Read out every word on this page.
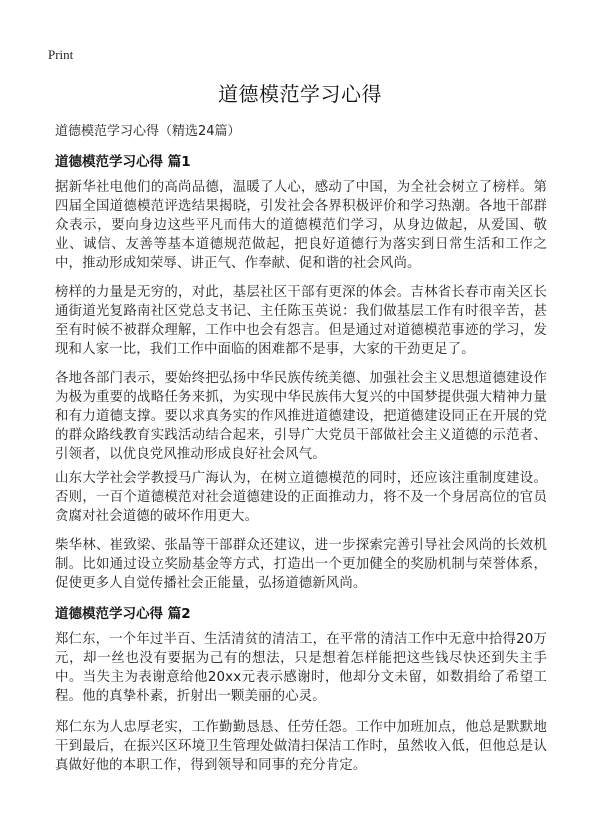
Print
道德模范学习心得
道德模范学习心得（精选24篇）
道德模范学习心得 篇1
据新华社电他们的高尚品德，温暖了人心，感动了中国，为全社会树立了榜样。第四届全国道德模范评选结果揭晓，引发社会各界积极评价和学习热潮。各地干部群众表示，要向身边这些平凡而伟大的道德模范们学习，从身边做起，从爱国、敬业、诚信、友善等基本道德规范做起，把良好道德行为落实到日常生活和工作之中，推动形成知荣辱、讲正气、作奉献、促和谐的社会风尚。
榜样的力量是无穷的，对此，基层社区干部有更深的体会。吉林省长春市南关区长通街道光复路南社区党总支书记、主任陈玉英说：我们做基层工作有时很辛苦，甚至有时候不被群众理解，工作中也会有怨言。但是通过对道德模范事迹的学习，发现和人家一比，我们工作中面临的困难都不是事，大家的干劲更足了。
各地各部门表示，要始终把弘扬中华民族传统美德、加强社会主义思想道德建设作为极为重要的战略任务来抓，为实现中华民族伟大复兴的中国梦提供强大精神力量和有力道德支撑。要以求真务实的作风推进道德建设，把道德建设同正在开展的党的群众路线教育实践活动结合起来，引导广大党员干部做社会主义道德的示范者、引领者，以优良党风推动形成良好社会风气。
山东大学社会学教授马广海认为，在树立道德模范的同时，还应该注重制度建设。否则，一百个道德模范对社会道德建设的正面推动力，将不及一个身居高位的官员贪腐对社会道德的破坏作用更大。
柴华林、崔致梁、张晶等干部群众还建议，进一步探索完善引导社会风尚的长效机制。比如通过设立奖励基金等方式，打造出一个更加健全的奖励机制与荣誉体系，促使更多人自觉传播社会正能量，弘扬道德新风尚。
道德模范学习心得 篇2
郑仁东，一个年过半百、生活清贫的清洁工，在平常的清洁工作中无意中拾得20万元，却一丝也没有要据为己有的想法，只是想着怎样能把这些钱尽快还到失主手中。当失主为表谢意给他20xx元表示感谢时，他却分文未留，如数捐给了希望工程。他的真挚朴素，折射出一颗美丽的心灵。
郑仁东为人忠厚老实，工作勤勤恳恳、任劳任怨。工作中加班加点，他总是默默地干到最后，在振兴区环境卫生管理处做清扫保洁工作时，虽然收入低，但他总是认真做好他的本职工作，得到领导和同事的充分肯定。
